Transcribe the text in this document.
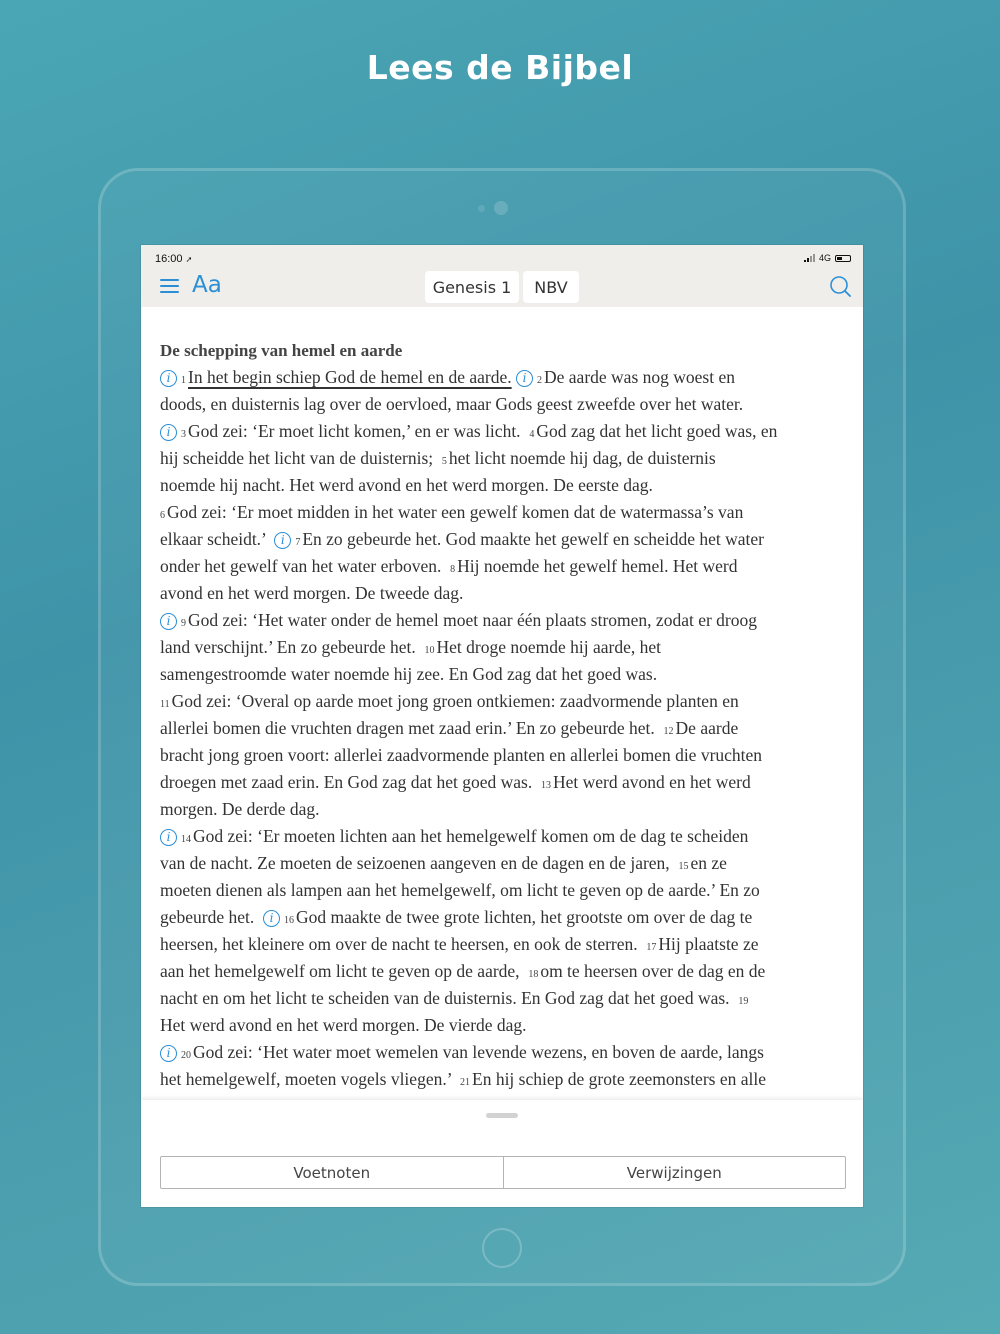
Lees de Bijbel
16:00 ➚	4G
Aa	Genesis 1	NBV
De schepping van hemel en aarde
i 1 In het begin schiep God de hemel en de aarde. i 2 De aarde was nog woest en
doods, en duisternis lag over de oervloed, maar Gods geest zweefde over het water.
i 3 God zei: ‘Er moet licht komen,’ en er was licht.  4 God zag dat het licht goed was, en
hij scheidde het licht van de duisternis;  5 het licht noemde hij dag, de duisternis
noemde hij nacht. Het werd avond en het werd morgen. De eerste dag.
6 God zei: ‘Er moet midden in het water een gewelf komen dat de watermassa’s van
elkaar scheidt.’  i 7 En zo gebeurde het. God maakte het gewelf en scheidde het water
onder het gewelf van het water erboven.  8 Hij noemde het gewelf hemel. Het werd
avond en het werd morgen. De tweede dag.
i 9 God zei: ‘Het water onder de hemel moet naar één plaats stromen, zodat er droog
land verschijnt.’ En zo gebeurde het.  10 Het droge noemde hij aarde, het
samengestroomde water noemde hij zee. En God zag dat het goed was.
11 God zei: ‘Overal op aarde moet jong groen ontkiemen: zaadvormende planten en
allerlei bomen die vruchten dragen met zaad erin.’ En zo gebeurde het.  12 De aarde
bracht jong groen voort: allerlei zaadvormende planten en allerlei bomen die vruchten
droegen met zaad erin. En God zag dat het goed was.  13 Het werd avond en het werd
morgen. De derde dag.
i 14 God zei: ‘Er moeten lichten aan het hemelgewelf komen om de dag te scheiden
van de nacht. Ze moeten de seizoenen aangeven en de dagen en de jaren,  15 en ze
moeten dienen als lampen aan het hemelgewelf, om licht te geven op de aarde.’ En zo
gebeurde het.  i 16 God maakte de twee grote lichten, het grootste om over de dag te
heersen, het kleinere om over de nacht te heersen, en ook de sterren.  17 Hij plaatste ze
aan het hemelgewelf om licht te geven op de aarde,  18 om te heersen over de dag en de
nacht en om het licht te scheiden van de duisternis. En God zag dat het goed was.  19
Het werd avond en het werd morgen. De vierde dag.
i 20 God zei: ‘Het water moet wemelen van levende wezens, en boven de aarde, langs
het hemelgewelf, moeten vogels vliegen.’  21 En hij schiep de grote zeemonsters en alle
Voetnoten	Verwijzingen
